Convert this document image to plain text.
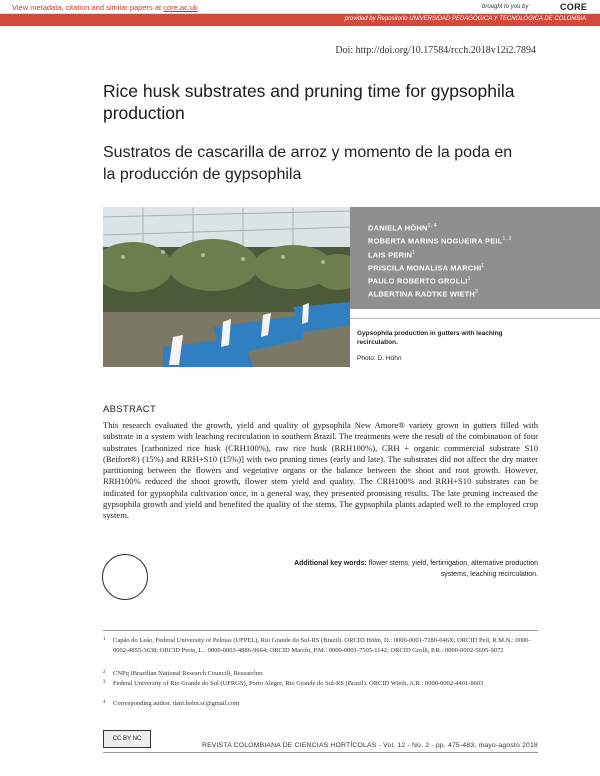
View metadata, citation and similar papers at core.ac.uk	brought to you by	CORE
provided by Repositorio UNIVERSIDAD PEDAGÓGICA Y TECNOLÓGICA DE COLOMBIA
Doi: http://doi.org/10.17584/rcch.2018v12i2.7894
Rice husk substrates and pruning time for gypsophila production
Sustratos de cascarilla de arroz y momento de la poda en la producción de gypsophila
DANIELA HÖHN$^{1, 4}$
ROBERTA MARINS NOGUEIRA PEIL$^{1, 2}$
LAIS PERIN$^1$
PRISCILA MONALISA MARCHI$^1$
PAULO ROBERTO GROLLI$^1$
ALBERTINA RADTKE WIETH$^3$
Gypsophila production in gutters with leaching recirculation.
Photo: D. Höhn
ABSTRACT
This research evaluated the growth, yield and quality of gypsophila New Amore® variety grown in gutters filled with substrate in a system with leaching recirculation in southern Brazil. The treatments were the result of the combination of four substrates [carbonized rice husk (CRH100%), raw rice husk (RRH100%), CRH + organic commercial substrate S10 (Beifort®) (15%) and RRH+S10 (15%)] with two pruning times (early and late). The substrates did not affect the dry matter partitioning between the flowers and vegetative organs or the balance between the shoot and root growth. However, RRH100% reduced the shoot growth, flower stem yield and quality. The CRH100% and RRH+S10 substrates can be indicated for gypsophila cultivation once, in a general way, they presented promising results. The late pruning increased the gypsophila growth and yield and benefited the quality of the stems. The gypsophila plants adapted well to the employed crop system.
Additional key words: flower stems, yield, fertirrigation, alternative production systems, leaching recirculation.
1 Capão do Leão, Federal University of Pelotas (UFPEL), Rio Grande do Sul-RS (Brazil). ORCID Höhn, D.: 0000-0001-7280-046X; ORCID Peil, R.M.N.: 0000-0002-4855-3638; ORCID Perin, L.: 0000-0003-4886-9664; ORCID Marchi, P.M.: 0000-0001-7505-1142; ORCID Grolli, P.R.: 0000-0002-5695-9072
2 CNPq (Brazilian National Research Council), Researcher.
3 Federal University of Rio Grande do Sul (UFRGS), Porto Alegre, Rio Grande do Sul-RS (Brazil). ORCID Wieth, A.R.: 0000-0002-4401-8603
4 Corresponding author. dani.hohn.sc@gmail.com
CC BY NC
REVISTA COLOMBIANA DE CIENCIAS HORTÍCOLAS - Vol. 12 - No. 2 - pp. 475-483, mayo-agosto 2018
